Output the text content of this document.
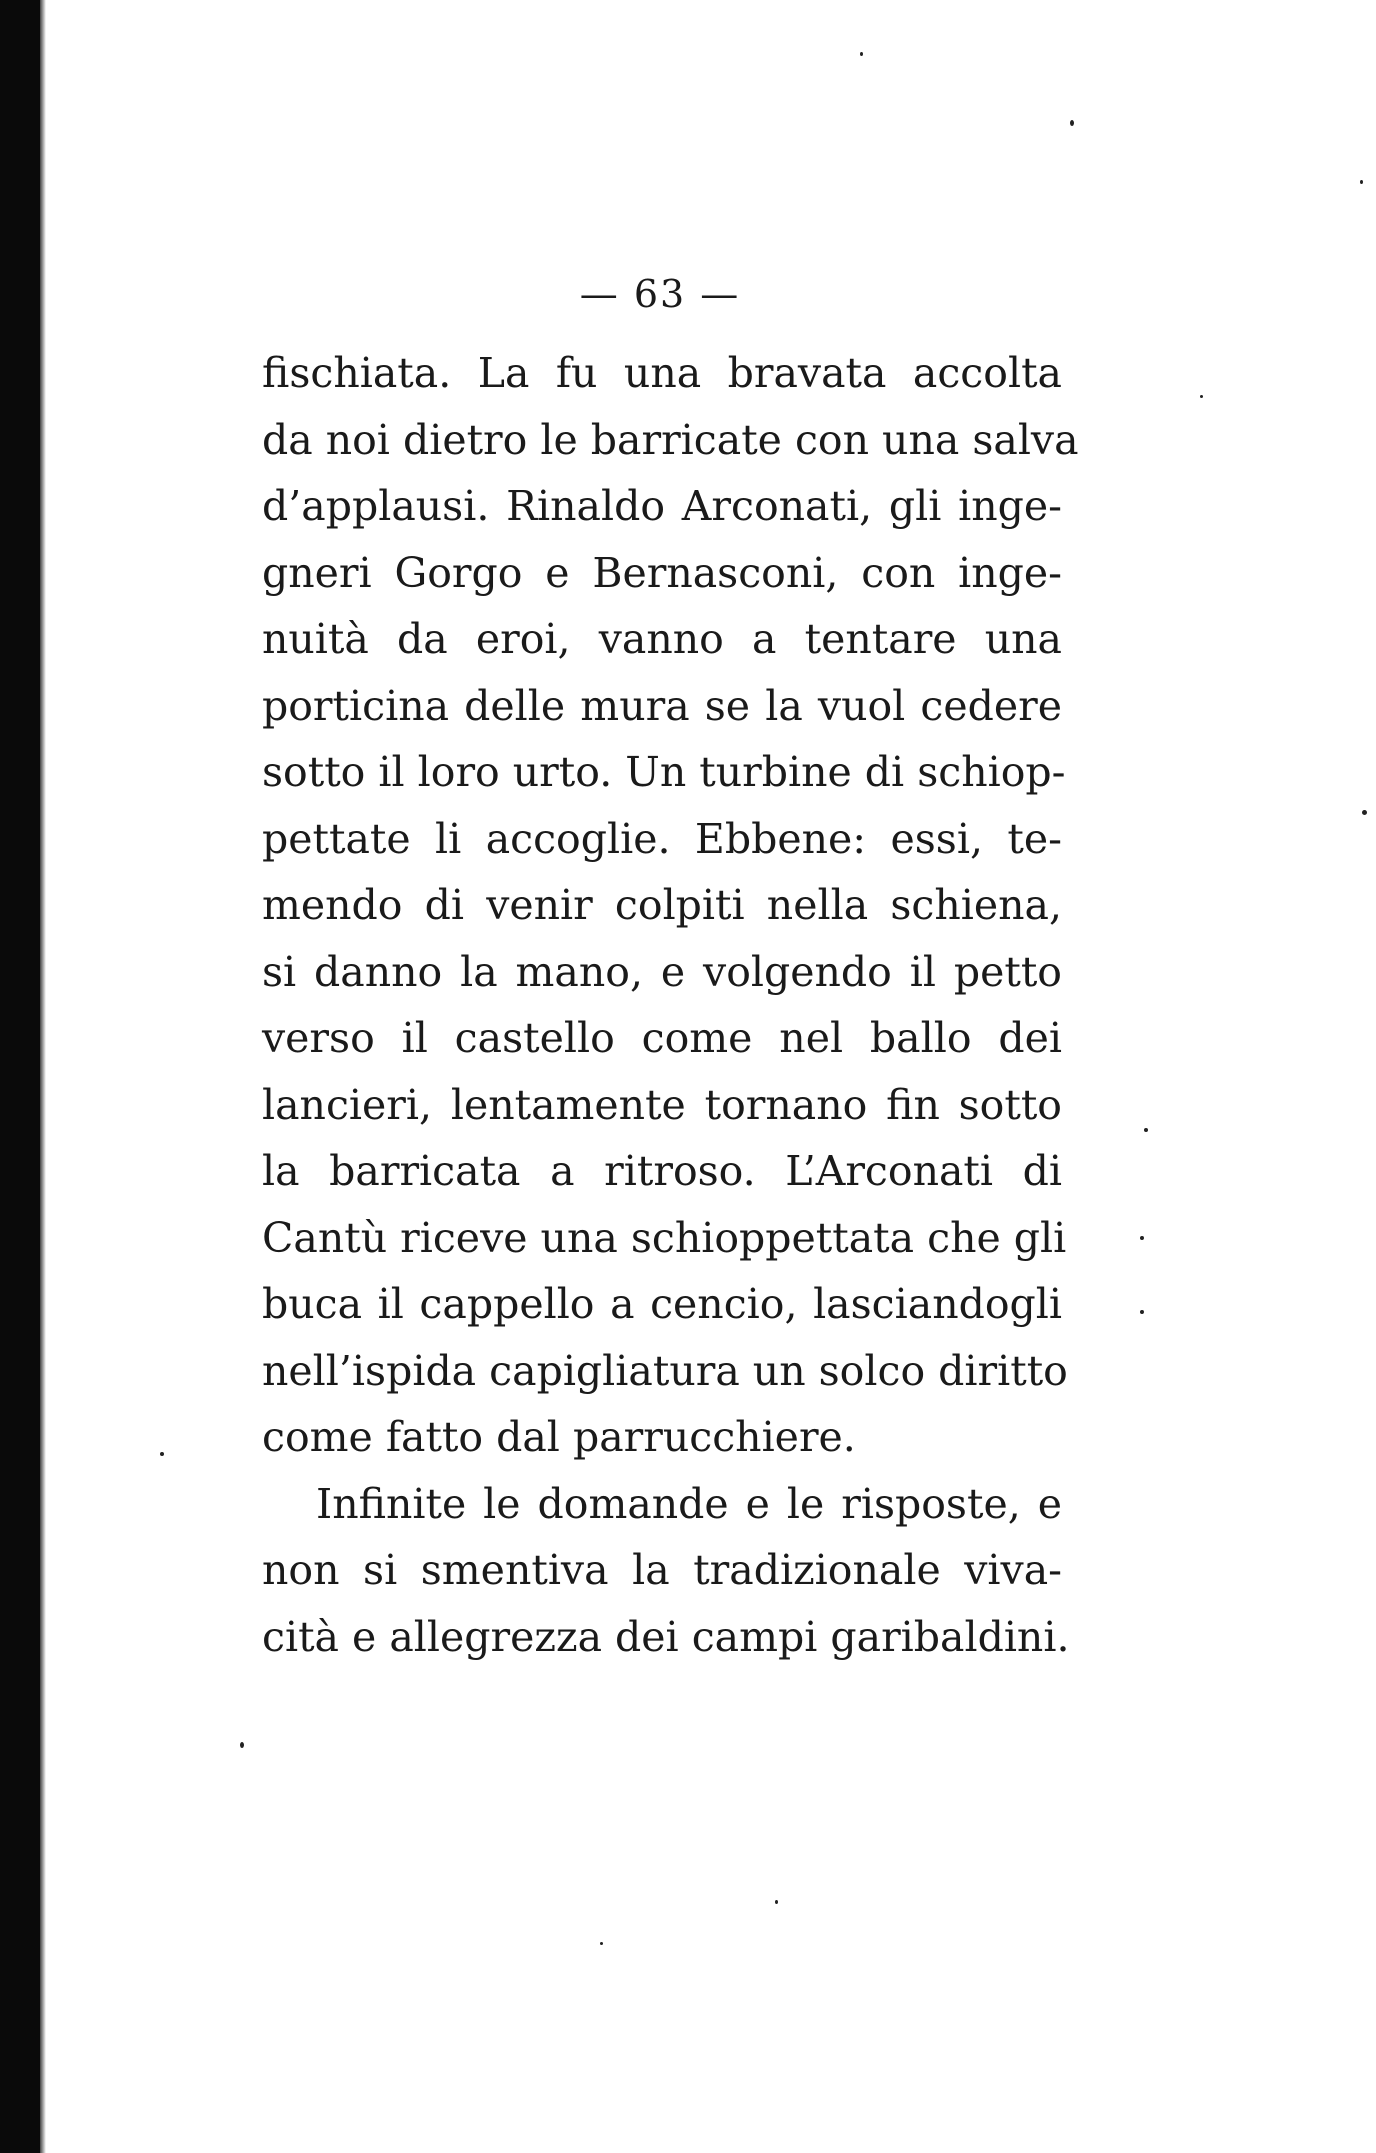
— 63 —
fischiata. La fu una bravata accolta
da noi dietro le barricate con una salva
d’applausi. Rinaldo Arconati, gli inge-
gneri Gorgo e Bernasconi, con inge-
nuità da eroi, vanno a tentare una
porticina delle mura se la vuol cedere
sotto il loro urto. Un turbine di schiop-
pettate li accoglie. Ebbene: essi, te-
mendo di venir colpiti nella schiena,
si danno la mano, e volgendo il petto
verso il castello come nel ballo dei
lancieri, lentamente tornano fin sotto
la barricata a ritroso. L’Arconati di
Cantù riceve una schioppettata che gli
buca il cappello a cencio, lasciandogli
nell’ispida capigliatura un solco diritto
come fatto dal parrucchiere.
Infinite le domande e le risposte, e
non si smentiva la tradizionale viva-
cità e allegrezza dei campi garibaldini.
